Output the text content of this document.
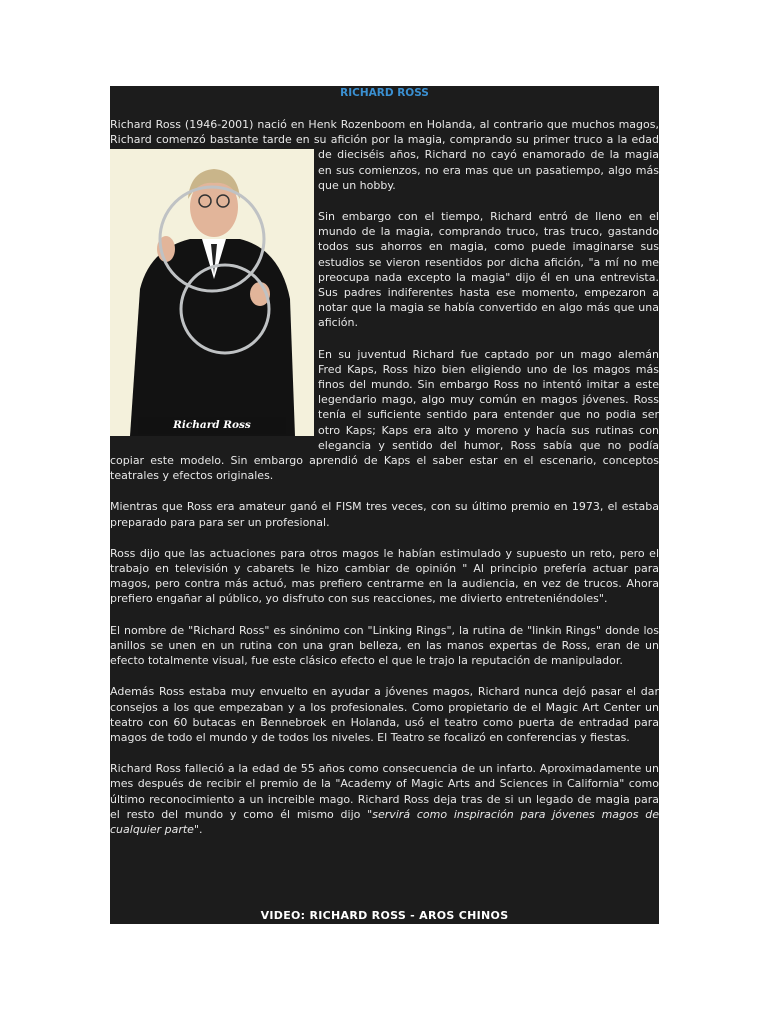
RICHARD ROSS

Richard Ross (1946-2001) nació en Henk Rozenboom en Holanda, al contrario que muchos magos, Richard comenzó bastante tarde en su afición por la magia, comprando su primer
Richard Ross
truco a la edad de dieciséis años, Richard no cayó enamorado de la magia en sus comienzos, no era mas que un pasatiempo, algo más que un hobby.

Sin embargo con el tiempo, Richard entró de lleno en el mundo de la magia, comprando truco, tras truco, gastando todos sus ahorros en magia, como puede imaginarse sus estudios se vieron resentidos por dicha afición, "a mí no me preocupa nada excepto la magia" dijo él en una entrevista. Sus padres indiferentes hasta ese momento, empezaron a notar que la magia se había convertido en algo más que una afición.

En su juventud Richard fue captado por un mago alemán Fred Kaps, Ross hizo bien eligiendo uno de los magos más finos del mundo. Sin embargo Ross no intentó imitar a este legendario mago, algo muy común en magos jóvenes. Ross tenía el suficiente sentido para entender que no podia ser otro Kaps; Kaps era alto y moreno y hacía sus rutinas con elegancia y sentido del humor, Ross sabía que no podía copiar este modelo. Sin embargo aprendió de Kaps el saber estar en el escenario, conceptos teatrales y efectos originales.

Mientras que Ross era amateur ganó el FISM tres veces, con su último premio en 1973, el estaba preparado para para ser un profesional.

Ross dijo que las actuaciones para otros magos le habían estimulado y supuesto un reto, pero el trabajo en televisión y cabarets le hizo cambiar de opinión " Al principio prefería actuar para magos, pero contra más actuó, mas prefiero centrarme en la audiencia, en vez de trucos. Ahora prefiero engañar al público, yo disfruto con sus reacciones, me divierto entreteniéndoles".

El nombre de "Richard Ross" es sinónimo con "Linking Rings", la rutina de "linkin Rings" donde los anillos se unen en un rutina con una gran belleza, en las manos expertas de Ross, eran de un efecto totalmente visual, fue este clásico efecto el que le trajo la reputación de manipulador.

Además Ross estaba muy envuelto en ayudar a jóvenes magos, Richard nunca dejó pasar el dar consejos a los que empezaban y a los profesionales. Como propietario de el Magic Art Center un teatro con 60 butacas en Bennebroek en Holanda, usó el teatro como puerta de entradad para magos de todo el mundo y de todos los niveles. El Teatro se focalizó en conferencias y fiestas.

Richard Ross falleció a la edad de 55 años como consecuencia de un infarto. Aproximadamente un mes después de recibir el premio de la "Academy of Magic Arts and Sciences in California" como último reconocimiento a un increible mago. Richard Ross deja tras de si un legado de magia para el resto del mundo y como él mismo dijo "servirá como inspiración para jóvenes magos de cualquier parte".

VIDEO: RICHARD ROSS - AROS CHINOS
